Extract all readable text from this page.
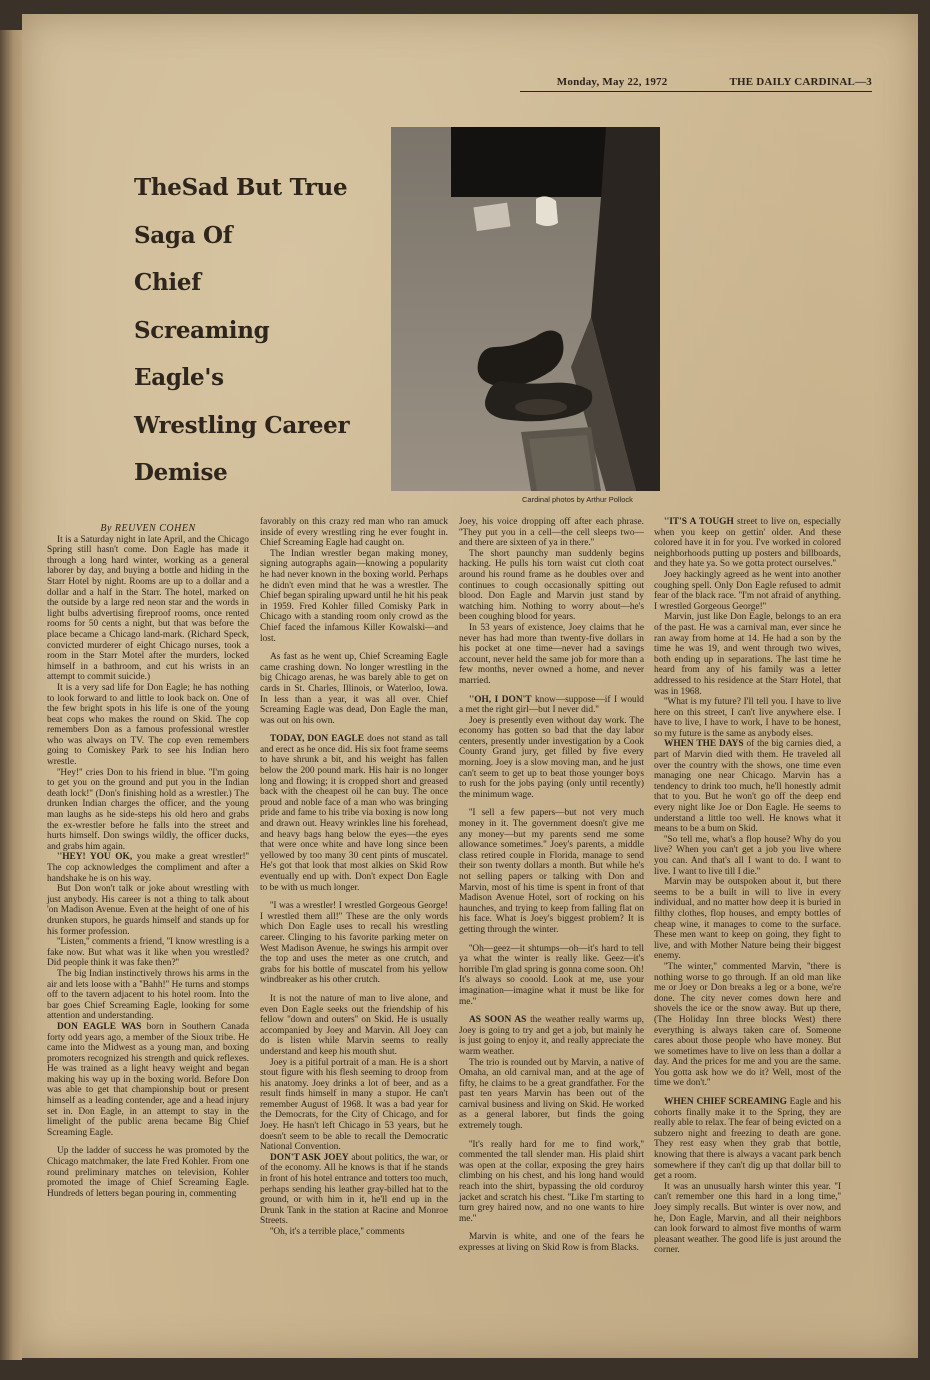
Monday, May 22, 1972	THE DAILY CARDINAL—3
TheSad But True
Saga Of
Chief
Screaming
Eagle's
Wrestling Career
Demise
Cardinal photos by Arthur Pollock

By REUVEN COHEN

It is a Saturday night in late April, and the Chicago Spring still hasn't come. Don Eagle has made it through a long hard winter, working as a general laborer by day, and buying a bottle and hiding in the Starr Hotel by night. Rooms are up to a dollar and a dollar and a half in the Starr. The hotel, marked on the outside by a large red neon star and the words in light bulbs advertising fireproof rooms, once rented rooms for 50 cents a night, but that was before the place became a Chicago land-mark. (Richard Speck, convicted murderer of eight Chicago nurses, took a room in the Starr Motel after the murders, locked himself in a bathroom, and cut his wrists in an attempt to commit suicide.)

It is a very sad life for Don Eagle; he has nothing to look forward to and little to look back on. One of the few bright spots in his life is one of the young beat cops who makes the round on Skid. The cop remembers Don as a famous professional wrestler who was always on TV. The cop even remembers going to Comiskey Park to see his Indian hero wrestle.

''Hey!'' cries Don to his friend in blue. ''I'm going to get you on the ground and put you in the Indian death lock!'' (Don's finishing hold as a wrestler.) The drunken Indian charges the officer, and the young man laughs as he side-steps his old hero and grabs the ex-wrestler before he falls into the street and hurts himself. Don swings wildly, the officer ducks, and grabs him again.

''HEY! YOU OK, you make a great wrestler!'' The cop acknowledges the compliment and after a handshake he is on his way.

But Don won't talk or joke about wrestling with just anybody. His career is not a thing to talk about 'on Madison Avenue. Even at the height of one of his drunken stupors, he guards himself and stands up for his former profession.

''Listen,'' comments a friend, ''I know wrestling is a fake now. But what was it like when you wrestled? Did people think it was fake then?''

The big Indian instinctively throws his arms in the air and lets loose with a ''Bahh!'' He turns and stomps off to the tavern adjacent to his hotel room. Into the bar goes Chief Screaming Eagle, looking for some attention and understanding.

DON EAGLE WAS born in Southern Canada forty odd years ago, a member of the Sioux tribe. He came into the Midwest as a young man, and boxing promoters recognized his strength and quick reflexes. He was trained as a light heavy weight and began making his way up in the boxing world. Before Don was able to get that championship bout or present himself as a leading contender, age and a head injury set in. Don Eagle, in an attempt to stay in the limelight of the public arena became Big Chief Screaming Eagle.

Up the ladder of success he was promoted by the Chicago matchmaker, the late Fred Kohler. From one round preliminary matches on television, Kohler promoted the image of Chief Screaming Eagle. Hundreds of letters began pouring in, commenting

favorably on this crazy red man who ran amuck inside of every wrestling ring he ever fought in. Chief Screaming Eagle had caught on.

The Indian wrestler began making money, signing autographs again—knowing a popularity he had never known in the boxing world. Perhaps he didn't even mind that he was a wrestler. The Chief began spiraling upward until he hit his peak in 1959. Fred Kohler filled Comisky Park in Chicago with a standing room only crowd as the Chief faced the infamous Killer Kowalski—and lost.

As fast as he went up, Chief Screaming Eagle came crashing down. No longer wrestling in the big Chicago arenas, he was barely able to get on cards in St. Charles, Illinois, or Waterloo, Iowa. In less than a year, it was all over. Chief Screaming Eagle was dead, Don Eagle the man, was out on his own.

TODAY, DON EAGLE does not stand as tall and erect as he once did. His six foot frame seems to have shrunk a bit, and his weight has fallen below the 200 pound mark. His hair is no longer long and flowing; it is cropped short and greased back with the cheapest oil he can buy. The once proud and noble face of a man who was bringing pride and fame to his tribe via boxing is now long and drawn out. Heavy wrinkles line his forehead, and heavy bags hang below the eyes—the eyes that were once white and have long since been yellowed by too many 30 cent pints of muscatel. He's got that look that most alkies on Skid Row eventually end up with. Don't expect Don Eagle to be with us much longer.

''I was a wrestler! I wrestled Gorgeous George! I wrestled them all!'' These are the only words which Don Eagle uses to recall his wrestling career. Clinging to his favorite parking meter on West Madison Avenue, he swings his armpit over the top and uses the meter as one crutch, and grabs for his bottle of muscatel from his yellow windbreaker as his other crutch.

It is not the nature of man to live alone, and even Don Eagle seeks out the friendship of his fellow ''down and outers'' on Skid. He is usually accompanied by Joey and Marvin. All Joey can do is listen while Marvin seems to really understand and keep his mouth shut.

Joey is a pitiful portrait of a man. He is a short stout figure with his flesh seeming to droop from his anatomy. Joey drinks a lot of beer, and as a result finds himself in many a stupor. He can't remember August of 1968. It was a bad year for the Democrats, for the City of Chicago, and for Joey. He hasn't left Chicago in 53 years, but he doesn't seem to be able to recall the Democratic National Convention.

DON'T ASK JOEY about politics, the war, or of the economy. All he knows is that if he stands in front of his hotel entrance and totters too much, perhaps sending his leather gray-billed hat to the ground, or with him in it, he'll end up in the Drunk Tank in the station at Racine and Monroe Streets.

''Oh, it's a terrible place,'' comments

Joey, his voice dropping off after each phrase. ''They put you in a cell—the cell sleeps two—and there are sixteen of ya in there.''

The short paunchy man suddenly begins hacking. He pulls his torn waist cut cloth coat around his round frame as he doubles over and continues to cough occasionally spitting out blood. Don Eagle and Marvin just stand by watching him. Nothing to worry about—he's been coughing blood for years.

In 53 years of existence, Joey claims that he never has had more than twenty-five dollars in his pocket at one time—never had a savings account, never held the same job for more than a few months, never owned a home, and never married.

''OH, I DON'T know—suppose—if I would a met the right girl—but I never did.''

Joey is presently even without day work. The economy has gotten so bad that the day labor centers, presently under investigation by a Cook County Grand jury, get filled by five every morning. Joey is a slow moving man, and he just can't seem to get up to beat those younger boys to rush for the jobs paying (only until recently) the minimum wage.

''I sell a few papers—but not very much money in it. The government doesn't give me any money—but my parents send me some allowance sometimes.'' Joey's parents, a middle class retired couple in Florida, manage to send their son twenty dollars a month. But while he's not selling papers or talking with Don and Marvin, most of his time is spent in front of that Madison Avenue Hotel, sort of rocking on his haunches, and trying to keep from falling flat on his face. What is Joey's biggest problem? It is getting through the winter.

''Oh—geez—it shtumps—oh—it's hard to tell ya what the winter is really like. Geez—it's horrible I'm glad spring is gonna come soon. Oh! It's always so cooold. Look at me, use your imagination—imagine what it must be like for me.''

AS SOON AS the weather really warms up, Joey is going to try and get a job, but mainly he is just going to enjoy it, and really appreciate the warm weather.

The trio is rounded out by Marvin, a native of Omaha, an old carnival man, and at the age of fifty, he claims to be a great grandfather. For the past ten years Marvin has been out of the carnival business and living on Skid. He worked as a general laborer, but finds the going extremely tough.

''It's really hard for me to find work,'' commented the tall slender man. His plaid shirt was open at the collar, exposing the grey hairs climbing on his chest, and his long hand would reach into the shirt, bypassing the old corduroy jacket and scratch his chest. ''Like I'm starting to turn grey haired now, and no one wants to hire me.''

Marvin is white, and one of the fears he expresses at living on Skid Row is from Blacks.

''IT'S A TOUGH street to live on, especially when you keep on gettin' older. And these colored have it in for you. I've worked in colored neighborhoods putting up posters and billboards, and they hate ya. So we gotta protect ourselves.''

Joey hackingly agreed as he went into another coughing spell. Only Don Eagle refused to admit fear of the black race. ''I'm not afraid of anything. I wrestled Gorgeous George!''

Marvin, just like Don Eagle, belongs to an era of the past. He was a carnival man, ever since he ran away from home at 14. He had a son by the time he was 19, and went through two wives, both ending up in separations. The last time he heard from any of his family was a letter addressed to his residence at the Starr Hotel, that was in 1968.

''What is my future? I'll tell you. I have to live here on this street, I can't live anywhere else. I have to live, I have to work, I have to be honest, so my future is the same as anybody elses.

WHEN THE DAYS of the big carnies died, a part of Marvin died with them. He traveled all over the country with the shows, one time even managing one near Chicago. Marvin has a tendency to drink too much, he'll honestly admit that to you. But he won't go off the deep end every night like Joe or Don Eagle. He seems to understand a little too well. He knows what it means to be a bum on Skid.

''So tell me, what's a flop house? Why do you live? When you can't get a job you live where you can. And that's all I want to do. I want to live. I want to live till I die.''

Marvin may be outspoken about it, but there seems to be a built in will to live in every individual, and no matter how deep it is buried in filthy clothes, flop houses, and empty bottles of cheap wine, it manages to come to the surface. These men want to keep on going, they fight to live, and with Mother Nature being their biggest enemy.

''The winter,'' commented Marvin, ''there is nothing worse to go through. If an old man like me or Joey or Don breaks a leg or a bone, we're done. The city never comes down here and shovels the ice or the snow away. But up there, (The Holiday Inn three blocks West) there everything is always taken care of. Someone cares about those people who have money. But we sometimes have to live on less than a dollar a day. And the prices for me and you are the same. You gotta ask how we do it? Well, most of the time we don't.''

WHEN CHIEF SCREAMING Eagle and his cohorts finally make it to the Spring, they are really able to relax. The fear of being evicted on a subzero night and freezing to death are gone. They rest easy when they grab that bottle, knowing that there is always a vacant park bench somewhere if they can't dig up that dollar bill to get a room.

It was an unusually harsh winter this year. ''I can't remember one this hard in a long time,'' Joey simply recalls. But winter is over now, and he, Don Eagle, Marvin, and all their neighbors can look forward to almost five months of warm pleasant weather. The good life is just around the corner.
